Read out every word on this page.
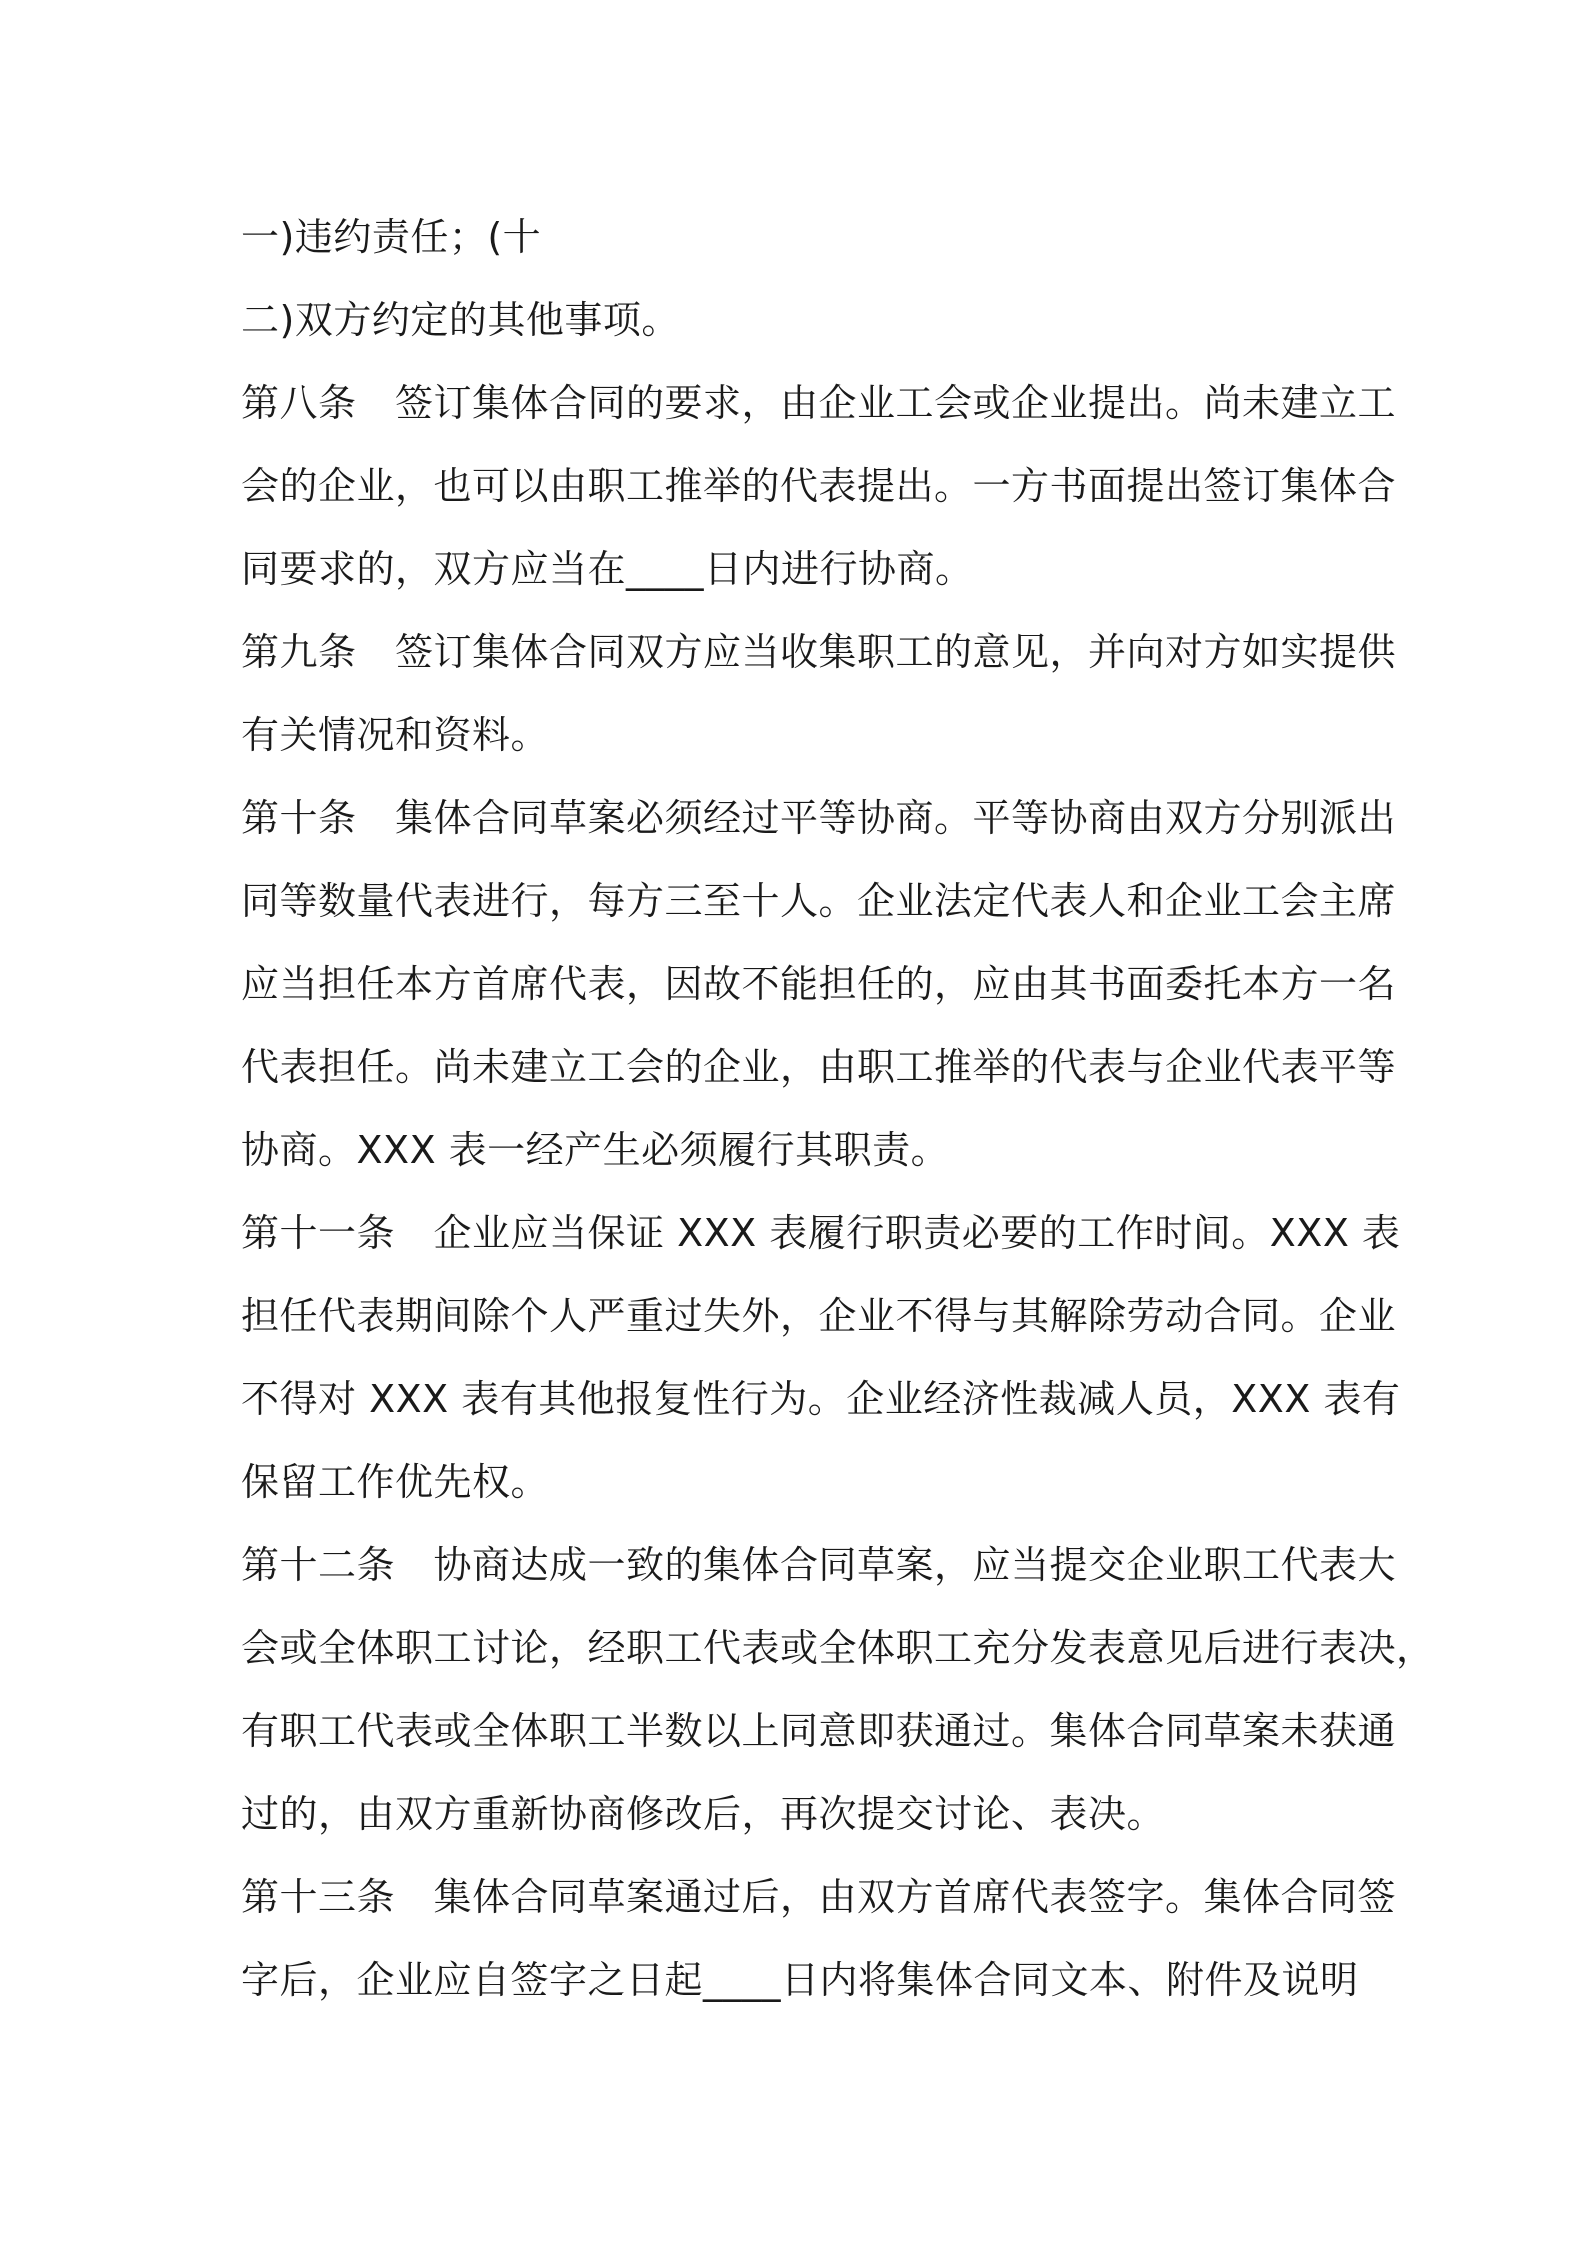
一)违约责任；(十
二)双方约定的其他事项。
第八条　签订集体合同的要求，由企业工会或企业提出。尚未建立工
会的企业，也可以由职工推举的代表提出。一方书面提出签订集体合
同要求的，双方应当在____日内进行协商。
第九条　签订集体合同双方应当收集职工的意见，并向对方如实提供
有关情况和资料。
第十条　集体合同草案必须经过平等协商。平等协商由双方分别派出
同等数量代表进行，每方三至十人。企业法定代表人和企业工会主席
应当担任本方首席代表，因故不能担任的，应由其书面委托本方一名
代表担任。尚未建立工会的企业，由职工推举的代表与企业代表平等
协商。XXX 表一经产生必须履行其职责。
第十一条　企业应当保证 XXX 表履行职责必要的工作时间。XXX 表
担任代表期间除个人严重过失外，企业不得与其解除劳动合同。企业
不得对 XXX 表有其他报复性行为。企业经济性裁减人员，XXX 表有
保留工作优先权。
第十二条　协商达成一致的集体合同草案，应当提交企业职工代表大
会或全体职工讨论，经职工代表或全体职工充分发表意见后进行表决，
有职工代表或全体职工半数以上同意即获通过。集体合同草案未获通
过的，由双方重新协商修改后，再次提交讨论、表决。
第十三条　集体合同草案通过后，由双方首席代表签字。集体合同签
字后，企业应自签字之日起____日内将集体合同文本、附件及说明
